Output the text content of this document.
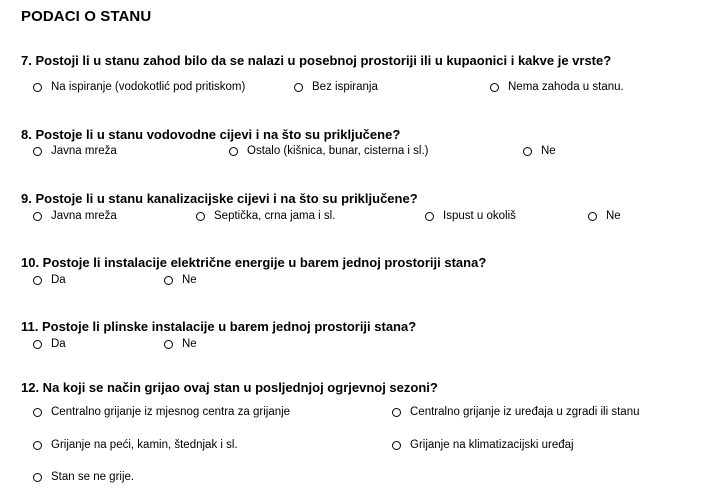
PODACI O STANU
7. Postoji li u stanu zahod bilo da se nalazi u posebnoj prostoriji ili u kupaonici i kakve je vrste?
Na ispiranje (vodokotlić pod pritiskom)	Bez ispiranja	Nema zahoda u stanu.
8. Postoje li u stanu vodovodne cijevi i na što su priključene?
Javna mreža	Ostalo (kišnica, bunar, cisterna i sl.)	Ne
9. Postoje li u stanu kanalizacijske cijevi i na što su priključene?
Javna mreža	Septička, crna jama i sl.	Ispust u okoliš	Ne
10. Postoje li instalacije električne energije u barem jednoj prostoriji stana?
Da	Ne
11. Postoje li plinske instalacije u barem jednoj prostoriji stana?
Da	Ne
12. Na koji se način grijao ovaj stan u posljednjoj ogrjevnoj sezoni?
Centralno grijanje iz mjesnog centra za grijanje	Centralno grijanje iz uređaja u zgradi ili stanu
Grijanje na peći, kamin, štednjak i sl.	Grijanje na klimatizacijski uređaj
Stan se ne grije.
